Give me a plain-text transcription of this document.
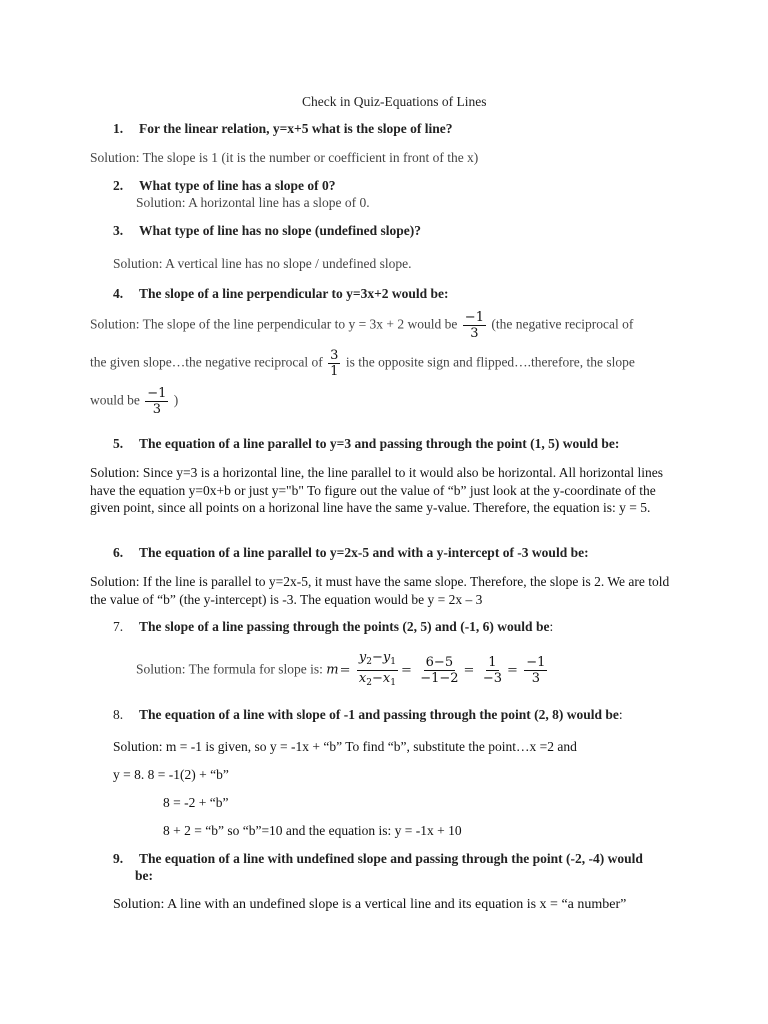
Check in Quiz-Equations of Lines
1. For the linear relation, y=x+5 what is the slope of line?
Solution: The slope is 1 (it is the number or coefficient in front of the x)
2. What type of line has a slope of 0?
Solution: A horizontal line has a slope of 0.
3. What type of line has no slope (undefined slope)?
Solution: A vertical line has no slope / undefined slope.
4. The slope of a line perpendicular to y=3x+2 would be:
Solution: The slope of the line perpendicular to y = 3x + 2 would be $\frac{-1}{3} (the$ negative reciprocal of
the given slope…the negative reciprocal of $\frac{3}{1}$ is the opposite sign and flipped….therefore, the slope
would be $\frac{-1}{3}$ )
5. The equation of a line parallel to y=3 and passing through the point (1, 5) would be:
Solution: Since y=3 is a horizontal line, the line parallel to it would also be horizontal. All horizontal lines have the equation y=0x+b or just y="b" To figure out the value of “b” just look at the y-coordinate of the given point, since all points on a horizonal line have the same y-value. Therefore, the equation is: y = 5.
6. The equation of a line parallel to y=2x-5 and with a y-intercept of -3 would be:
Solution: If the line is parallel to y=2x-5, it must have the same slope. Therefore, the slope is 2. We are told the value of “b” (the y-intercept) is -3. The equation would be y = 2x – 3
7. The slope of a line passing through the points (2, 5) and (-1, 6) would be:
Solution: The formula for slope is: $m= \frac{y_2-y_1}{x_2-x_1} = \frac{6-5}{-1-2} = \frac{1}{-3} = \frac{-1}{3}$
8. The equation of a line with slope of -1 and passing through the point (2, 8) would be:
Solution: m = -1 is given, so y = -1x + “b” To find “b”, substitute the point…x =2 and
y = 8. 8 = -1(2) + “b”
8 = -2 + “b”
8 + 2 = “b” so “b”=10 and the equation is: y = -1x + 10
9. The equation of a line with undefined slope and passing through the point (-2, -4) would
be:
Solution: A line with an undefined slope is a vertical line and its equation is x = “a number”
